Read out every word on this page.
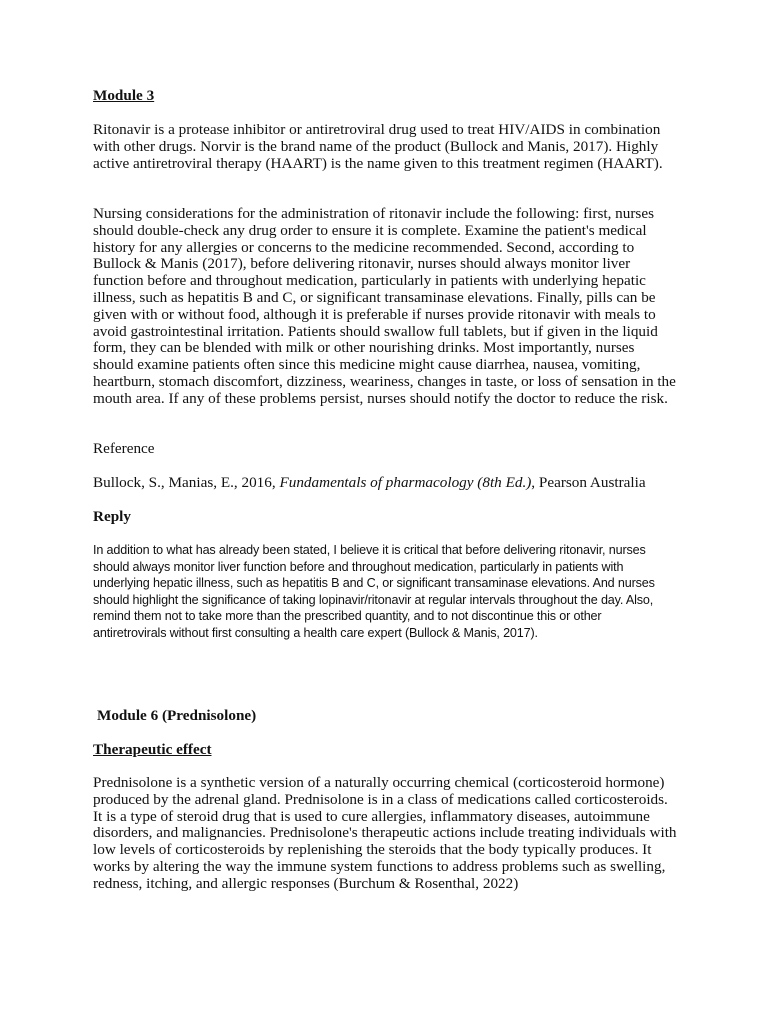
Module 3

Ritonavir is a protease inhibitor or antiretroviral drug used to treat HIV/AIDS in combination with other drugs. Norvir is the brand name of the product (Bullock and Manis, 2017). Highly active antiretroviral therapy (HAART) is the name given to this treatment regimen (HAART).

Nursing considerations for the administration of ritonavir include the following: first, nurses should double-check any drug order to ensure it is complete. Examine the patient's medical history for any allergies or concerns to the medicine recommended. Second, according to Bullock & Manis (2017), before delivering ritonavir, nurses should always monitor liver function before and throughout medication, particularly in patients with underlying hepatic illness, such as hepatitis B and C, or significant transaminase elevations. Finally, pills can be given with or without food, although it is preferable if nurses provide ritonavir with meals to avoid gastrointestinal irritation. Patients should swallow full tablets, but if given in the liquid form, they can be blended with milk or other nourishing drinks. Most importantly, nurses should examine patients often since this medicine might cause diarrhea, nausea, vomiting, heartburn, stomach discomfort, dizziness, weariness, changes in taste, or loss of sensation in the mouth area. If any of these problems persist, nurses should notify the doctor to reduce the risk.

Reference

Bullock, S., Manias, E., 2016, Fundamentals of pharmacology (8th Ed.), Pearson Australia

Reply

In addition to what has already been stated, I believe it is critical that before delivering ritonavir, nurses should always monitor liver function before and throughout medication, particularly in patients with underlying hepatic illness, such as hepatitis B and C, or significant transaminase elevations. And nurses should highlight the significance of taking lopinavir/ritonavir at regular intervals throughout the day. Also, remind them not to take more than the prescribed quantity, and to not discontinue this or other antiretrovirals without first consulting a health care expert (Bullock & Manis, 2017).

Module 6 (Prednisolone)

Therapeutic effect

Prednisolone is a synthetic version of a naturally occurring chemical (corticosteroid hormone) produced by the adrenal gland. Prednisolone is in a class of medications called corticosteroids. It is a type of steroid drug that is used to cure allergies, inflammatory diseases, autoimmune disorders, and malignancies. Prednisolone's therapeutic actions include treating individuals with low levels of corticosteroids by replenishing the steroids that the body typically produces. It works by altering the way the immune system functions to address problems such as swelling, redness, itching, and allergic responses (Burchum & Rosenthal, 2022)
